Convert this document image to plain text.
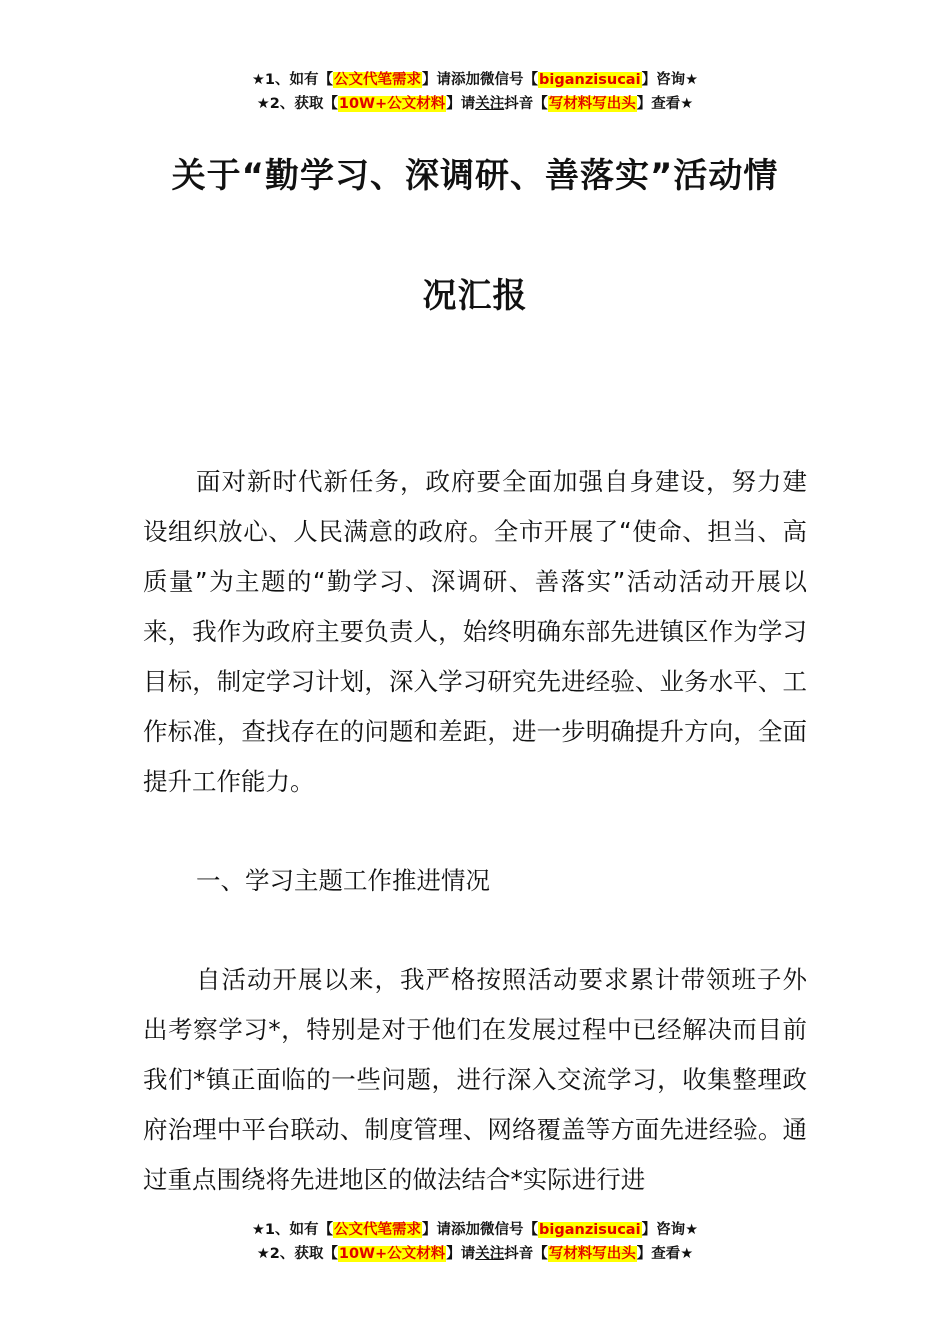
★1、如有【公文代笔需求】请添加微信号【biganzisucai】咨询★
★2、获取【10W+公文材料】请关注抖音【写材料写出头】查看★
关于“勤学习、深调研、善落实”活动情
况汇报

面对新时代新任务，政府要全面加强自身建设，努力建设组织放心、人民满意的政府。全市开展了“使命、担当、高质量”为主题的“勤学习、深调研、善落实”活动活动开展以来，我作为政府主要负责人，始终明确东部先进镇区作为学习目标，制定学习计划，深入学习研究先进经验、业务水平、工作标准，查找存在的问题和差距，进一步明确提升方向，全面提升工作能力。

一、学习主题工作推进情况

自活动开展以来，我严格按照活动要求累计带领班子外出考察学习*，特别是对于他们在发展过程中已经解决而目前我们*镇正面临的一些问题，进行深入交流学习，收集整理政府治理中平台联动、制度管理、网络覆盖等方面先进经验。通过重点围绕将先进地区的做法结合*实际进行进

★1、如有【公文代笔需求】请添加微信号【biganzisucai】咨询★
★2、获取【10W+公文材料】请关注抖音【写材料写出头】查看★
